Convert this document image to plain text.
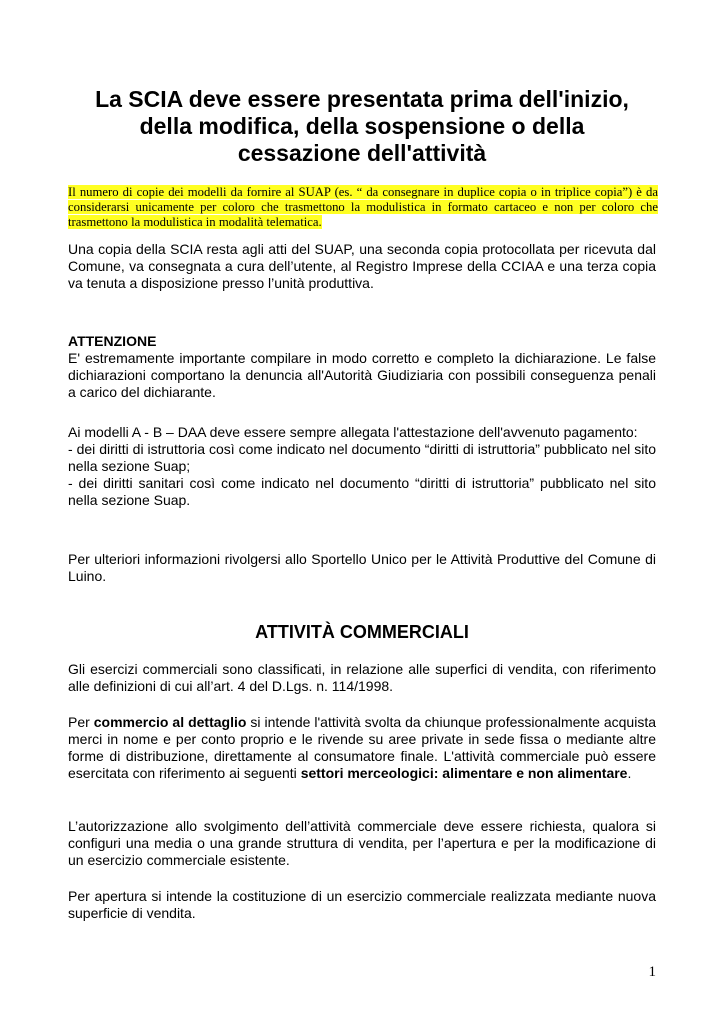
La SCIA deve essere presentata prima dell'inizio,
della modifica, della sospensione o della
cessazione dell'attività
Il numero di copie dei modelli da fornire al SUAP (es. “ da consegnare in duplice copia o in triplice copia”) è da considerarsi unicamente per coloro che trasmettono la modulistica in formato cartaceo e non per coloro che trasmettono la modulistica in modalità telematica.
Una copia della SCIA resta agli atti del SUAP, una seconda copia protocollata per ricevuta dal Comune, va consegnata a cura dell’utente, al Registro Imprese della CCIAA e una terza copia va tenuta a disposizione presso l’unità produttiva.
ATTENZIONE
E' estremamente importante compilare in modo corretto e completo la dichiarazione. Le false dichiarazioni comportano la denuncia all'Autorità Giudiziaria con possibili conseguenza penali a carico del dichiarante.
Ai modelli A - B – DAA deve essere sempre allegata l'attestazione dell'avvenuto pagamento:
- dei diritti di istruttoria così come indicato nel documento “diritti di istruttoria” pubblicato nel sito nella sezione Suap;
- dei diritti sanitari così come indicato nel documento “diritti di istruttoria” pubblicato nel sito nella sezione Suap.
Per ulteriori informazioni rivolgersi allo Sportello Unico per le Attività Produttive del Comune di Luino.
ATTIVITÀ COMMERCIALI
Gli esercizi commerciali sono classificati, in relazione alle superfici di vendita, con riferimento alle definizioni di cui all’art. 4 del D.Lgs. n. 114/1998.
Per commercio al dettaglio si intende l'attività svolta da chiunque professionalmente acquista merci in nome e per conto proprio e le rivende su aree private in sede fissa o mediante altre forme di distribuzione, direttamente al consumatore finale. L'attività commerciale può essere esercitata con riferimento ai seguenti settori merceologici: alimentare e non alimentare.
L’autorizzazione allo svolgimento dell’attività commerciale deve essere richiesta, qualora si configuri una media o una grande struttura di vendita, per l’apertura e per la modificazione di un esercizio commerciale esistente.
Per apertura si intende la costituzione di un esercizio commerciale realizzata mediante nuova superficie di vendita.
1
